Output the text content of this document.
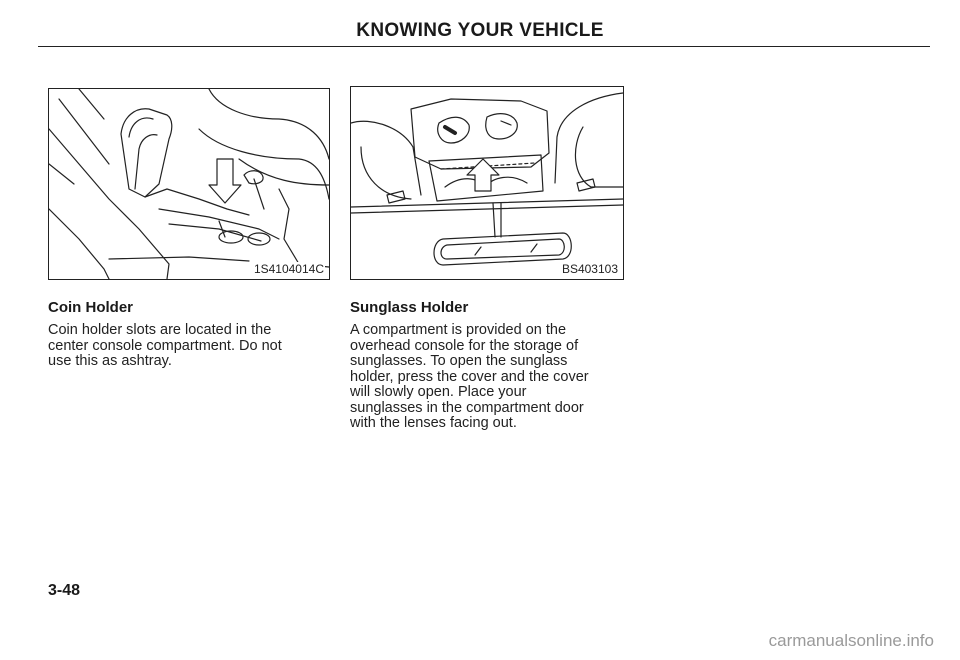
KNOWING YOUR VEHICLE
1S4104014C	BS403103
Coin Holder
Coin holder slots are located in the
center console compartment. Do not
use this as ashtray.
Sunglass Holder
A compartment is provided on the
overhead console for the storage of
sunglasses. To open the sunglass
holder, press the cover and the cover
will slowly open. Place your
sunglasses in the compartment door
with the lenses facing out.
3-48
carmanualsonline.info
